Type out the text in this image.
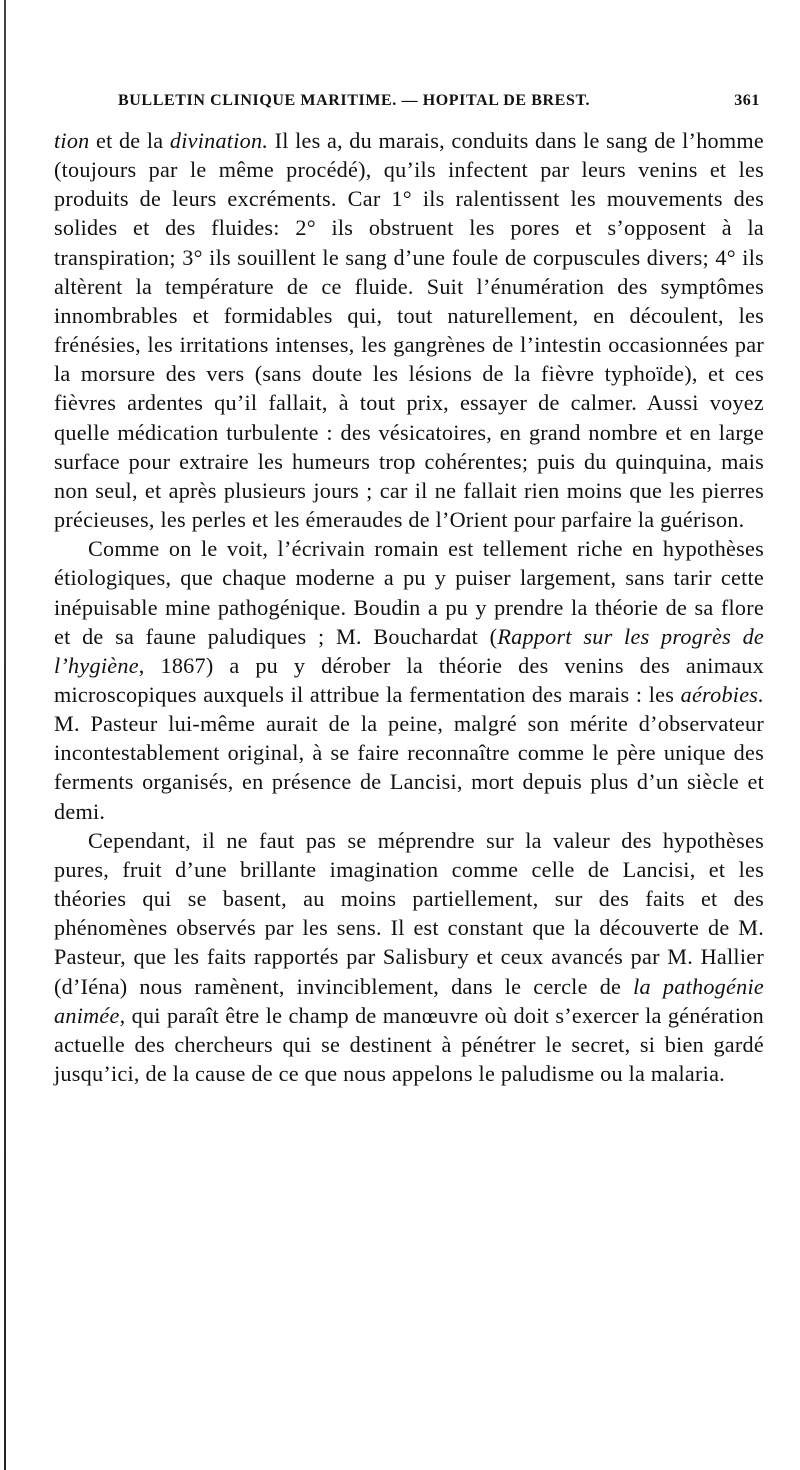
BULLETIN CLINIQUE MARITIME. — HOPITAL DE BREST.	361

tion et de la divination. Il les a, du marais, conduits dans le sang de l’homme (toujours par le même procédé), qu’ils infectent par leurs venins et les produits de leurs excréments. Car 1° ils ralentissent les mouvements des solides et des fluides: 2° ils obstruent les pores et s’opposent à la transpiration; 3° ils souillent le sang d’une foule de corpuscules divers; 4° ils altèrent la température de ce fluide. Suit l’énumération des symptômes innombrables et formidables qui, tout naturellement, en découlent, les frénésies, les irritations intenses, les gangrènes de l’intestin occasionnées par la morsure des vers (sans doute les lésions de la fièvre typhoïde), et ces fièvres ardentes qu’il fallait, à tout prix, essayer de calmer. Aussi voyez quelle médication turbulente : des vésicatoires, en grand nombre et en large surface pour extraire les humeurs trop cohérentes; puis du quinquina, mais non seul, et après plusieurs jours ; car il ne fallait rien moins que les pierres précieuses, les perles et les émeraudes de l’Orient pour parfaire la guérison.

Comme on le voit, l’écrivain romain est tellement riche en hypothèses étiologiques, que chaque moderne a pu y puiser largement, sans tarir cette inépuisable mine pathogénique. Boudin a pu y prendre la théorie de sa flore et de sa faune paludiques ; M. Bouchardat (Rapport sur les progrès de l’hygiène, 1867) a pu y dérober la théorie des venins des animaux microscopiques auxquels il attribue la fermentation des marais : les aérobies. M. Pasteur lui-même aurait de la peine, malgré son mérite d’observateur incontestablement original, à se faire reconnaître comme le père unique des ferments organisés, en présence de Lancisi, mort depuis plus d’un siècle et demi.

Cependant, il ne faut pas se méprendre sur la valeur des hypothèses pures, fruit d’une brillante imagination comme celle de Lancisi, et les théories qui se basent, au moins partiellement, sur des faits et des phénomènes observés par les sens. Il est constant que la découverte de M. Pasteur, que les faits rapportés par Salisbury et ceux avancés par M. Hallier (d’Iéna) nous ramènent, invinciblement, dans le cercle de la pathogénie animée, qui paraît être le champ de manœuvre où doit s’exercer la génération actuelle des chercheurs qui se destinent à pénétrer le secret, si bien gardé jusqu’ici, de la cause de ce que nous appelons le paludisme ou la malaria.
